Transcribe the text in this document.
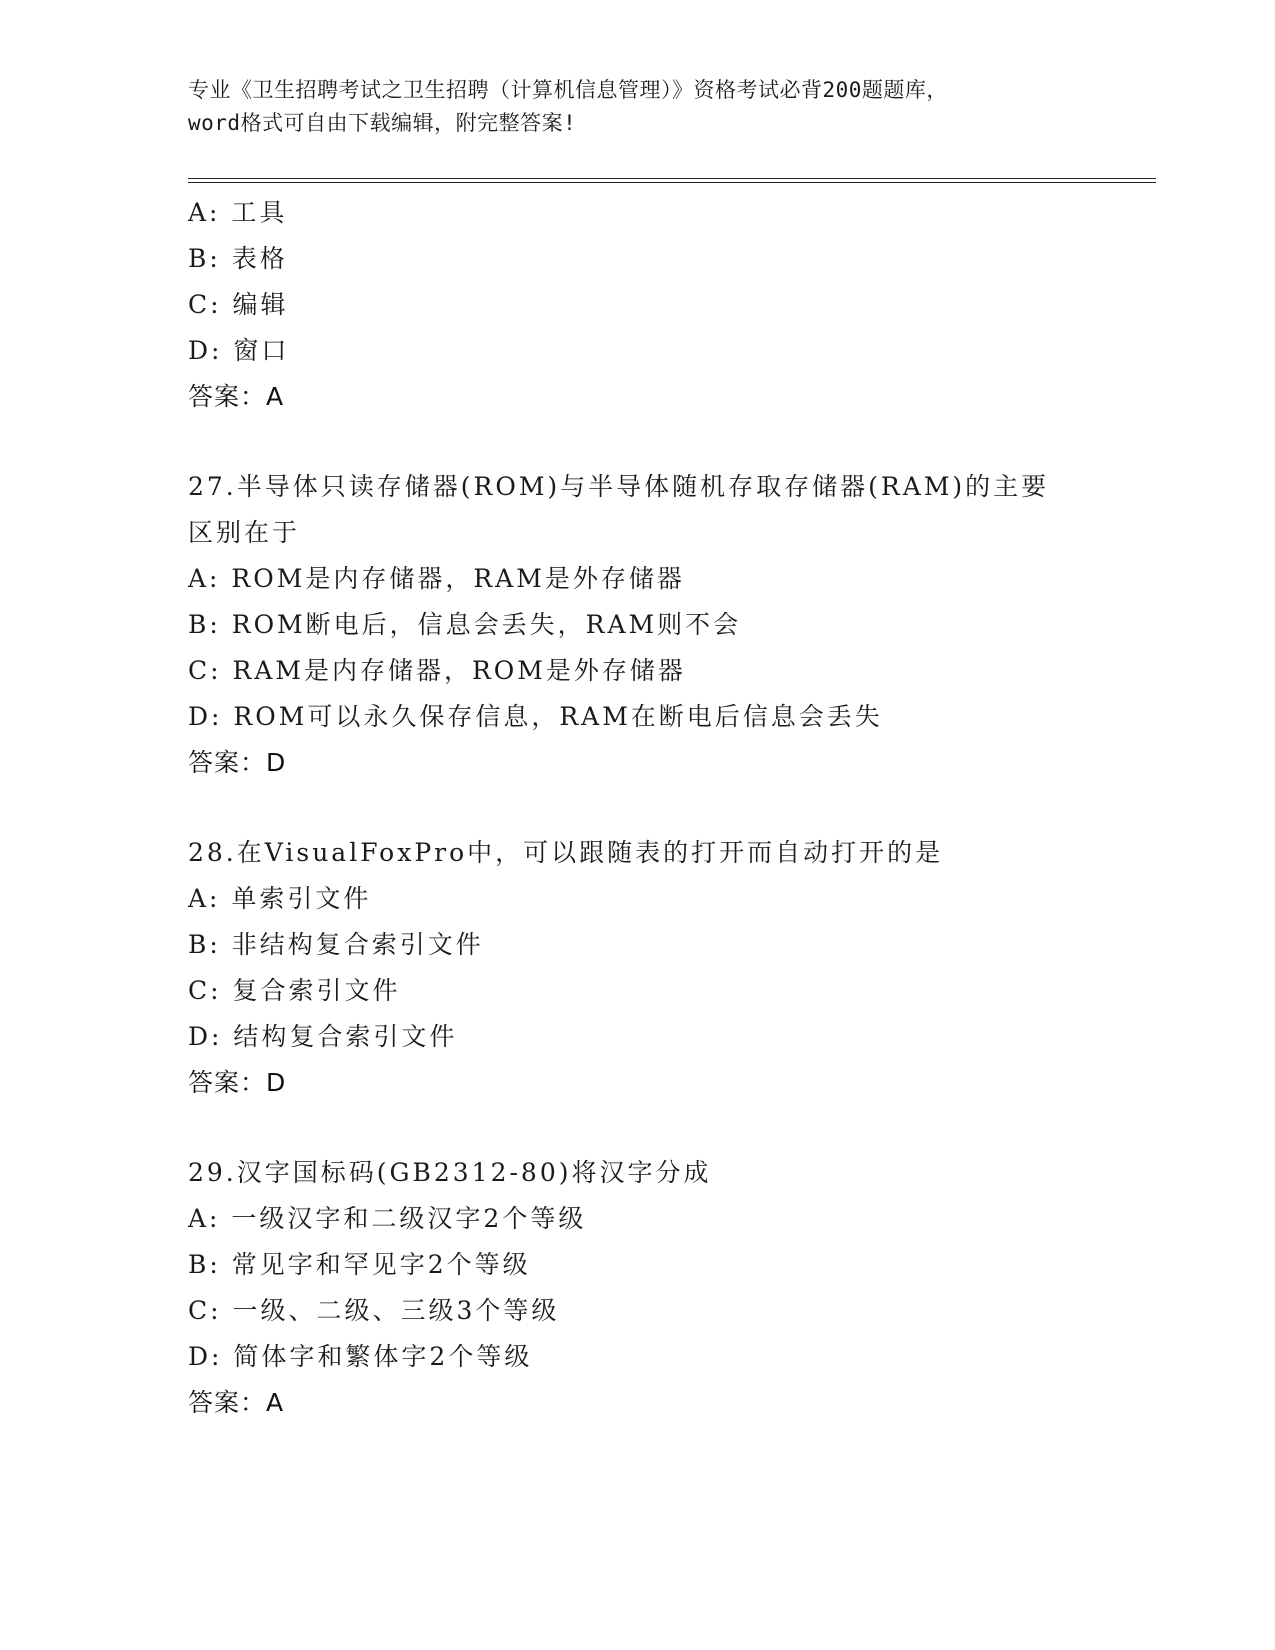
专业《卫生招聘考试之卫生招聘（计算机信息管理）》资格考试必背200题题库，
word格式可自由下载编辑，附完整答案!
A: 工具
B: 表格
C: 编辑
D: 窗口
答案：A
27.半导体只读存储器(ROM)与半导体随机存取存储器(RAM)的主要区别在于
A: ROM是内存储器，RAM是外存储器
B: ROM断电后，信息会丢失，RAM则不会
C: RAM是内存储器，ROM是外存储器
D: ROM可以永久保存信息，RAM在断电后信息会丢失
答案：D
28.在VisualFoxPro中，可以跟随表的打开而自动打开的是
A: 单索引文件
B: 非结构复合索引文件
C: 复合索引文件
D: 结构复合索引文件
答案：D
29.汉字国标码(GB2312-80)将汉字分成
A: 一级汉字和二级汉字2个等级
B: 常见字和罕见字2个等级
C: 一级、二级、三级3个等级
D: 简体字和繁体字2个等级
答案：A
